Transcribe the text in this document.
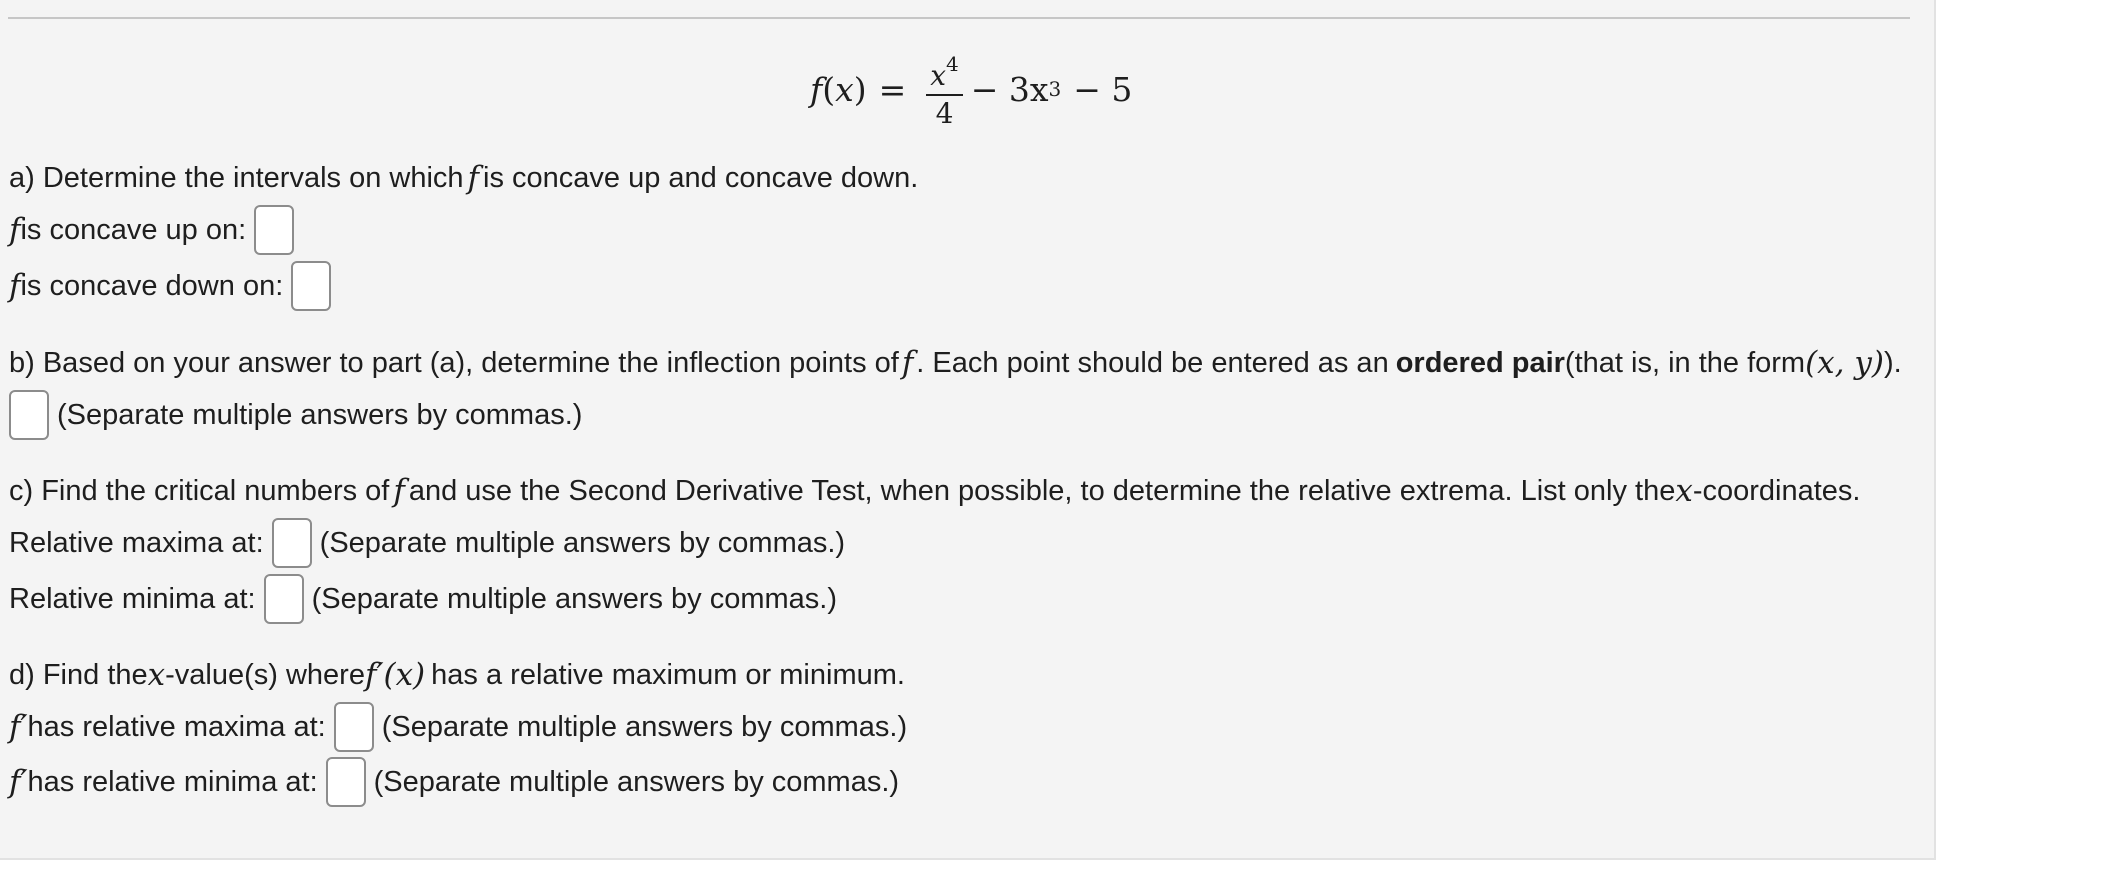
f ( x ) = $\frac{x^4}{4} - 3x$ 3 − 5
a) Determine the intervals on which f is concave up and concave down.
f is concave up on:
f is concave down on:
b) Based on your answer to part (a), determine the inflection points of f . Each point should be entered as an ordered pair (that is, in the form (x, y) ).
(Separate multiple answers by commas.)
c) Find the critical numbers of f and use the Second Derivative Test, when possible, to determine the relative extrema. List only the x -coordinates.
Relative maxima at: (Separate multiple answers by commas.)
Relative minima at: (Separate multiple answers by commas.)
d) Find the x -value(s) where f′(x) has a relative maximum or minimum.
f′ has relative maxima at: (Separate multiple answers by commas.)
f′ has relative minima at: (Separate multiple answers by commas.)
